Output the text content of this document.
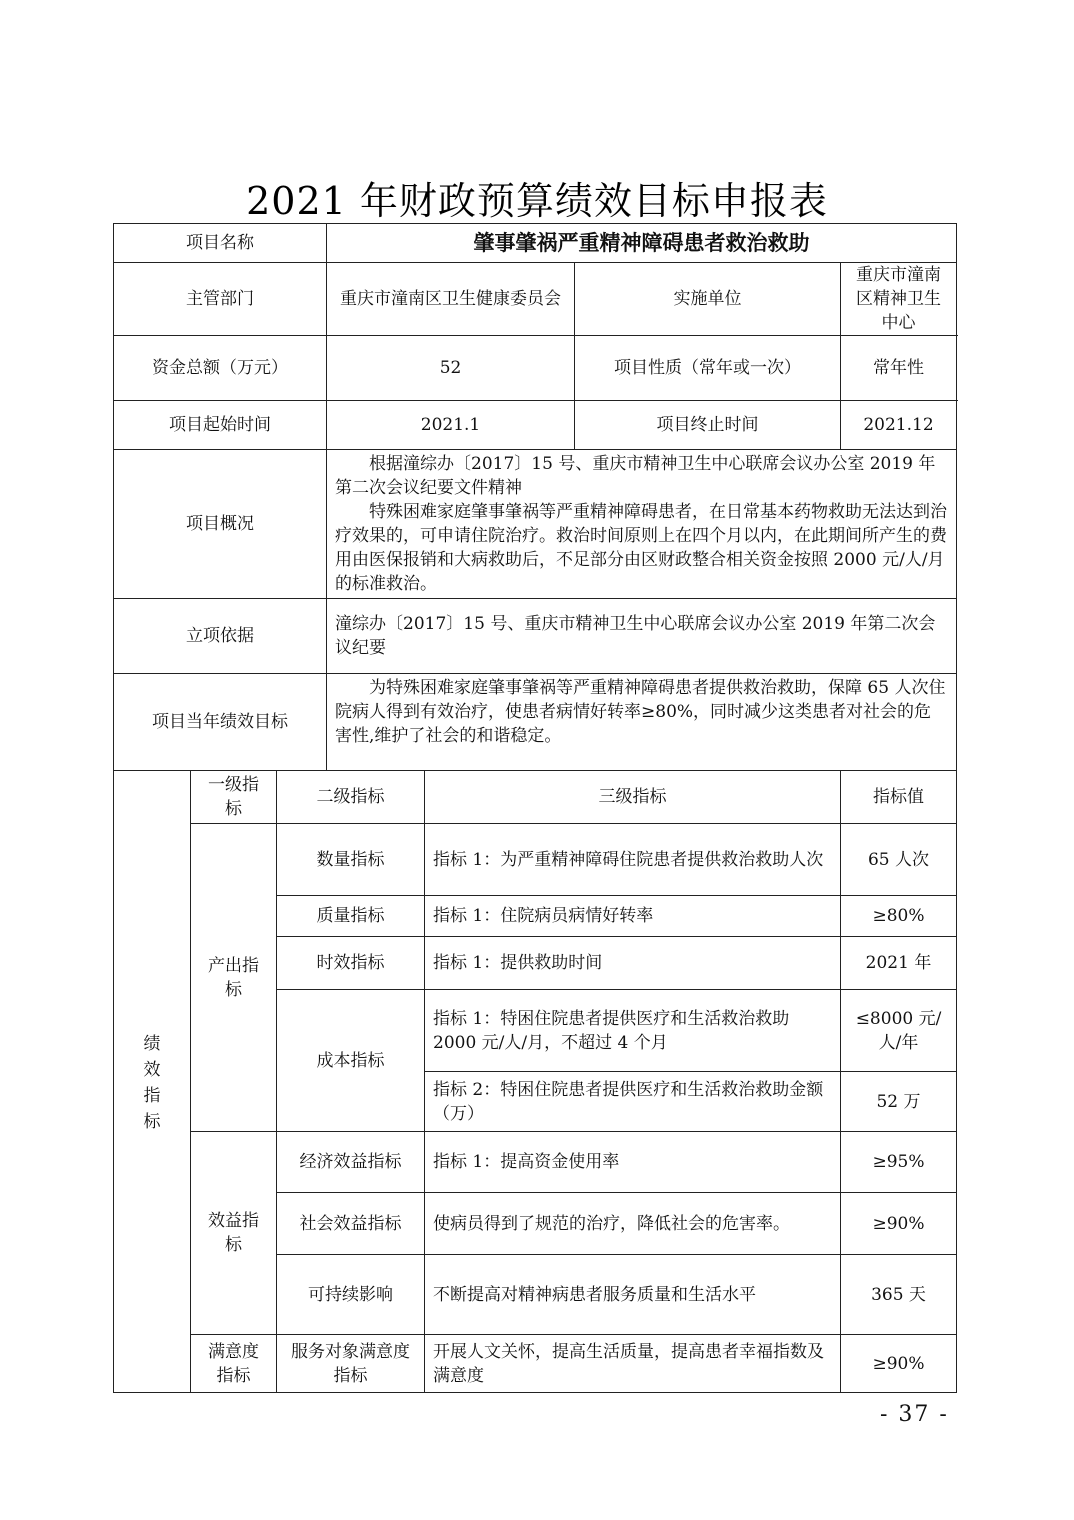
2021 年财政预算绩效目标申报表
项目名称			肇事肇祸严重精神障碍患者救治救助			
主管部门			重庆市潼南区卫生健康委员会		实施单位	重庆市潼南区精神卫生中心
资金总额（万元）			52		项目性质（常年或一次）	常年性
项目起始时间			2021.1		项目终止时间	2021.12
项目概况			根据潼综办〔2017〕15 号、重庆市精神卫生中心联席会议办公室 2019 年第二次会议纪要文件精神

特殊困难家庭肇事肇祸等严重精神障碍患者，在日常基本药物救助无法达到治疗效果的，可申请住院治疗。救治时间原则上在四个月以内，在此期间所产生的费用由医保报销和大病救助后，不足部分由区财政整合相关资金按照 2000 元/人/月的标准救治。			

立项依据			潼综办〔2017〕15 号、重庆市精神卫生中心联席会议办公室 2019 年第二次会议纪要			
项目当年绩效目标			为特殊困难家庭肇事肇祸等严重精神障碍患者提供救治救助，保障 65 人次住院病人得到有效治疗，使患者病情好转率≥80%，同时减少这类患者对社会的危害性,维护了社会的和谐稳定。			

绩效指标	一级指标	二级指标		三级指标		指标值
	产出指标	数量指标		指标 1：为严重精神障碍住院患者提供救治救助人次		65 人次
		质量指标		指标 1：住院病员病情好转率		≥80%
		时效指标		指标 1：提供救助时间		2021 年
		成本指标		指标 1：特困住院患者提供医疗和生活救治救助 2000 元/人/月，不超过 4 个月		≤8000 元/人/年
				指标 2：特困住院患者提供医疗和生活救治救助金额（万）		52 万
	效益指标	经济效益指标		指标 1：提高资金使用率		≥95%
		社会效益指标		使病员得到了规范的治疗，降低社会的危害率。		≥90%
		可持续影响		不断提高对精神病患者服务质量和生活水平		365 天
	满意度指标	服务对象满意度指标		开展人文关怀，提高生活质量，提高患者幸福指数及满意度		≥90%
- 37 -
